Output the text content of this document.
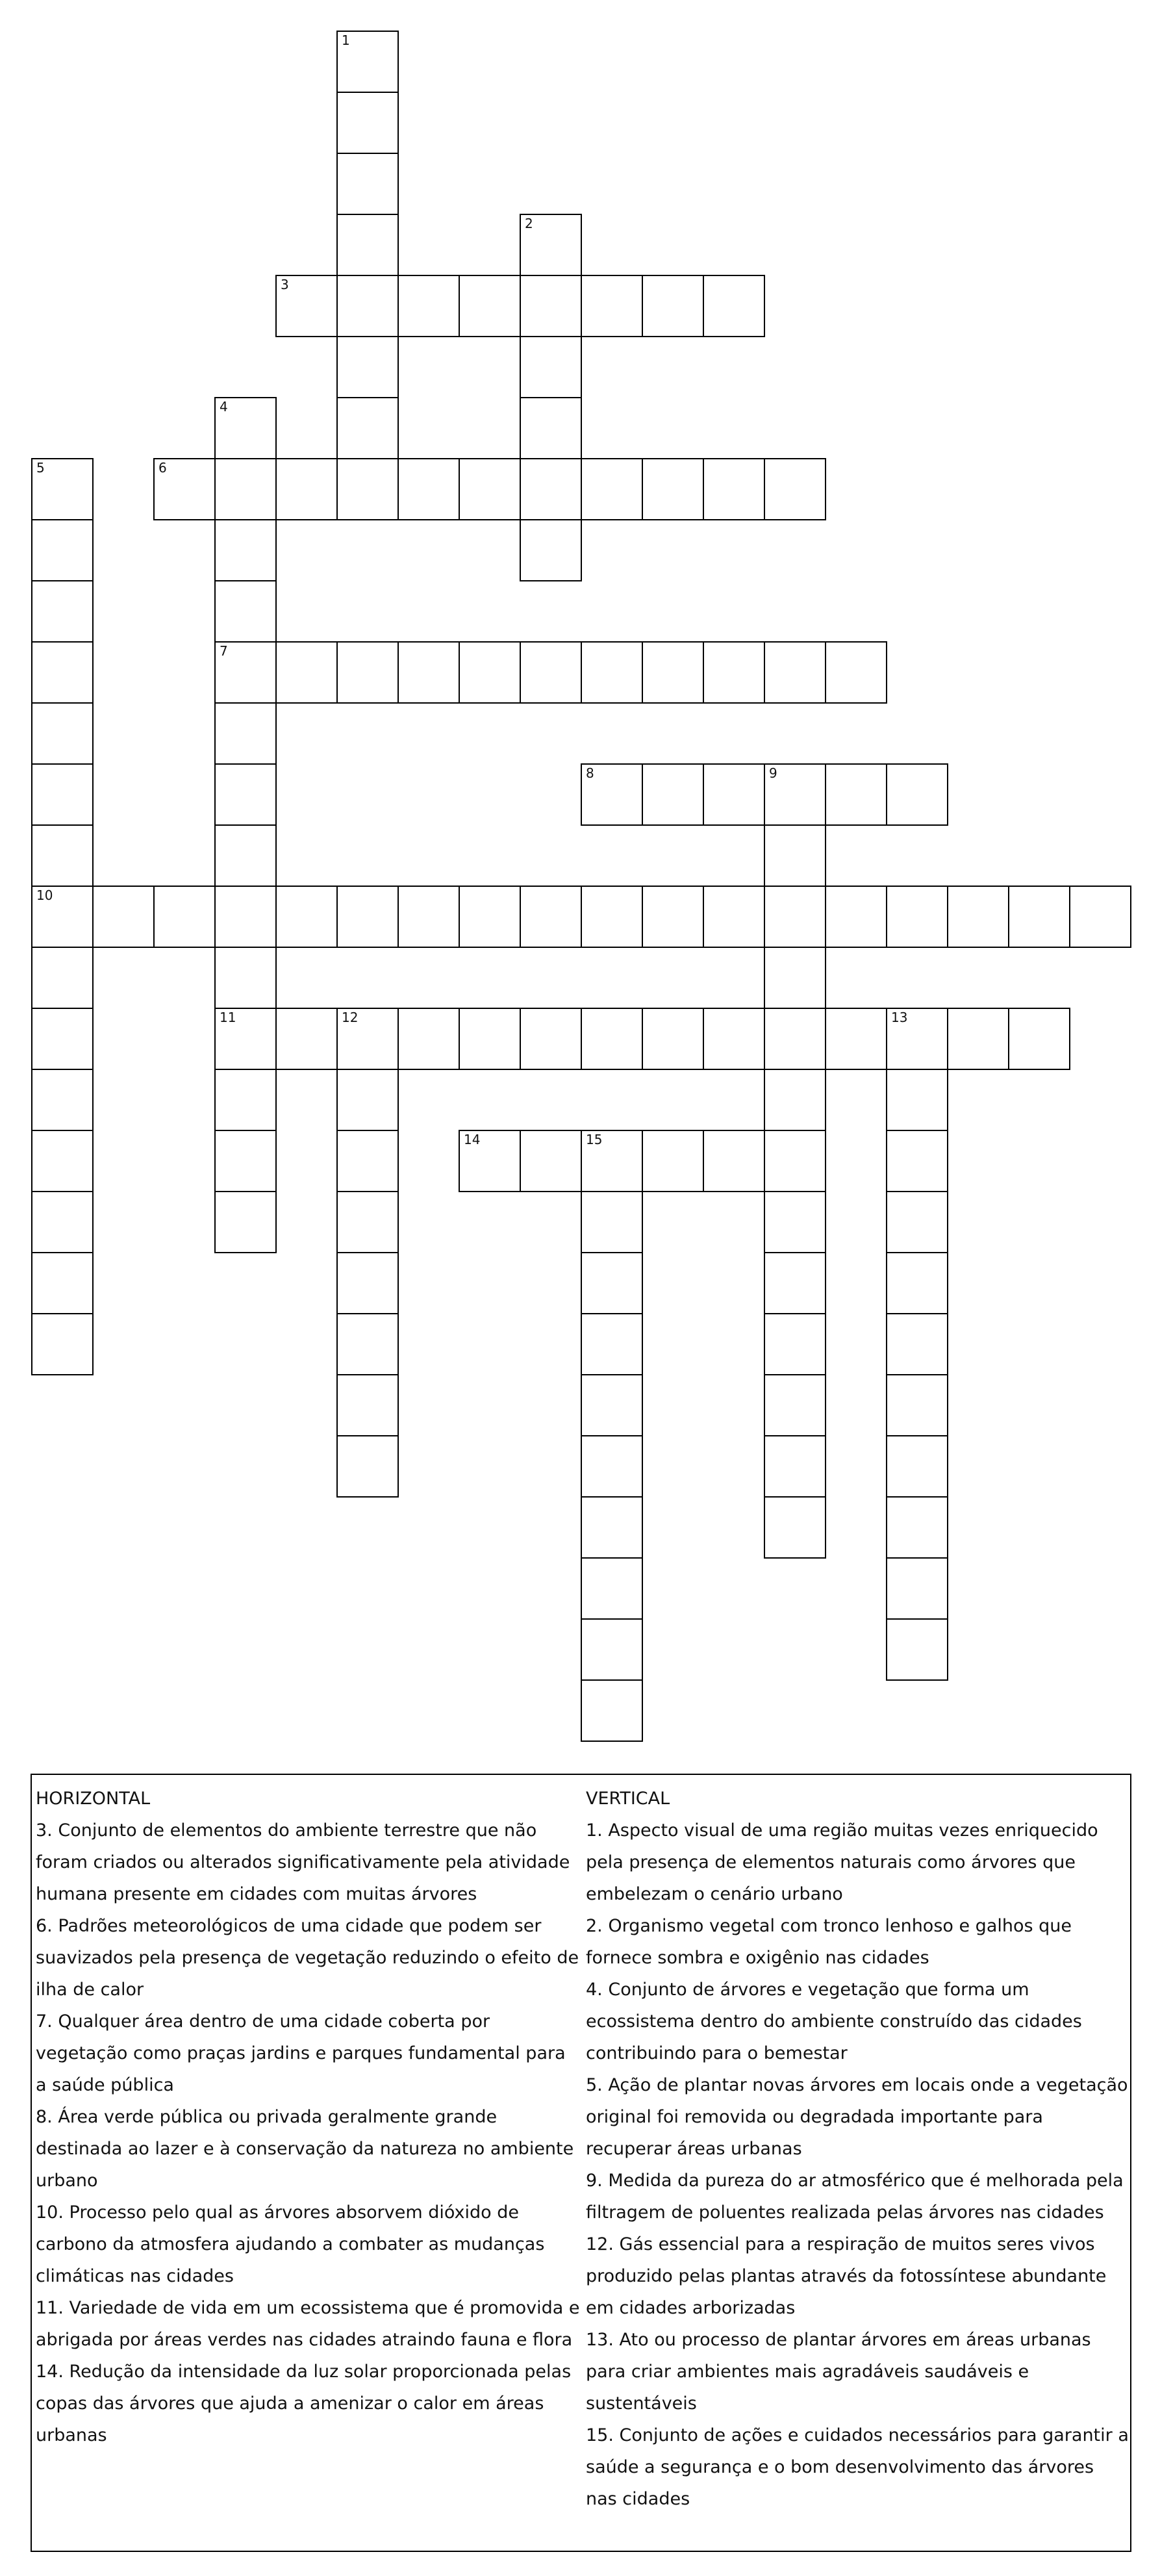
1
2
3
4
7
11
5
10
6
8	9
12	13
14	15

HORIZONTAL

3. Conjunto de elementos do ambiente terrestre que não foram criados ou alterados significativamente pela atividade humana presente em cidades com muitas árvores

6. Padrões meteorológicos de uma cidade que podem ser suavizados pela presença de vegetação reduzindo o efeito de ilha de calor

7. Qualquer área dentro de uma cidade coberta por vegetação como praças jardins e parques fundamental para a saúde pública

8. Área verde pública ou privada geralmente grande destinada ao lazer e à conservação da natureza no ambiente urbano

10. Processo pelo qual as árvores absorvem dióxido de carbono da atmosfera ajudando a combater as mudanças climáticas nas cidades

11. Variedade de vida em um ecossistema que é promovida e abrigada por áreas verdes nas cidades atraindo fauna e flora

14. Redução da intensidade da luz solar proporcionada pelas copas das árvores que ajuda a amenizar o calor em áreas urbanas

VERTICAL

1. Aspecto visual de uma região muitas vezes enriquecido pela presença de elementos naturais como árvores que embelezam o cenário urbano

2. Organismo vegetal com tronco lenhoso e galhos que fornece sombra e oxigênio nas cidades

4. Conjunto de árvores e vegetação que forma um ecossistema dentro do ambiente construído das cidades contribuindo para o bemestar

5. Ação de plantar novas árvores em locais onde a vegetação original foi removida ou degradada importante para recuperar áreas urbanas

9. Medida da pureza do ar atmosférico que é melhorada pela filtragem de poluentes realizada pelas árvores nas cidades

12. Gás essencial para a respiração de muitos seres vivos produzido pelas plantas através da fotossíntese abundante em cidades arborizadas

13. Ato ou processo de plantar árvores em áreas urbanas para criar ambientes mais agradáveis saudáveis e sustentáveis

15. Conjunto de ações e cuidados necessários para garantir a saúde a segurança e o bom desenvolvimento das árvores nas cidades
